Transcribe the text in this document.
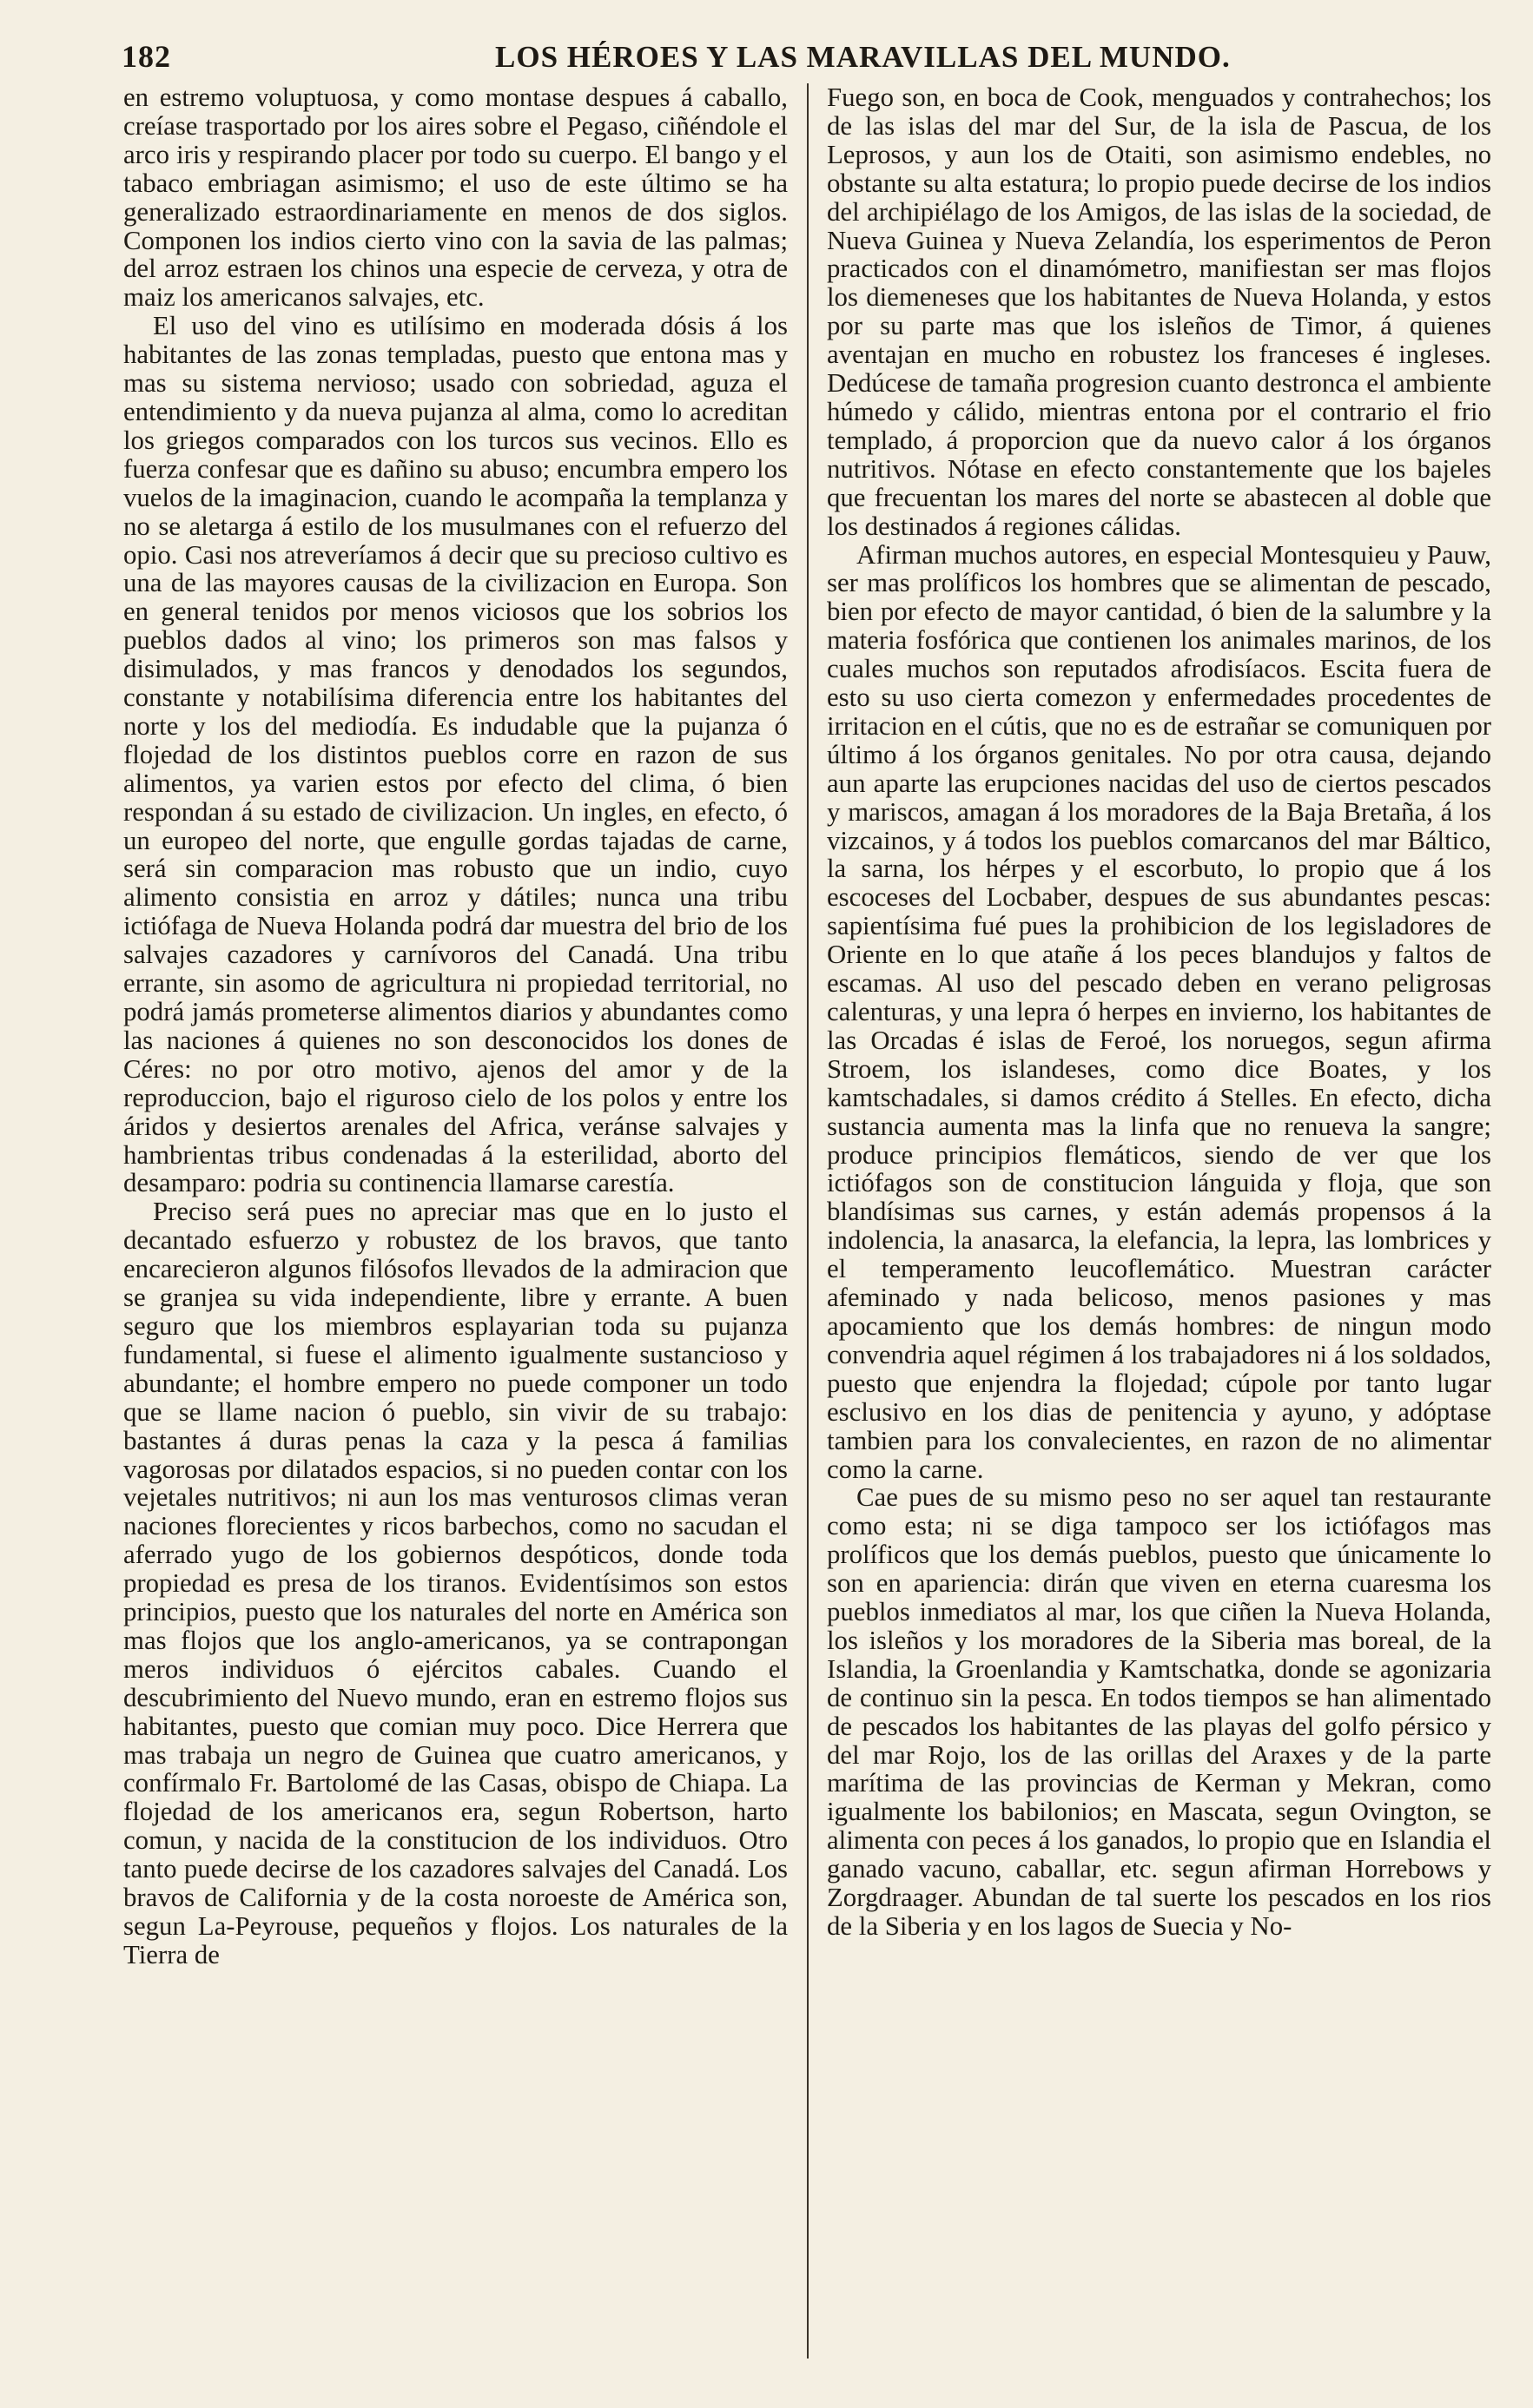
182	LOS HÉROES Y LAS MARAVILLAS DEL MUNDO.

en estremo voluptuosa, y como montase despues á caballo, creíase trasportado por los aires sobre el Pegaso, ciñéndole el arco iris y respirando placer por todo su cuerpo. El bango y el tabaco embriagan asimismo; el uso de este último se ha generalizado estraordinariamente en menos de dos siglos. Componen los indios cierto vino con la savia de las palmas; del arroz estraen los chinos una especie de cerveza, y otra de maiz los americanos salvajes, etc.

El uso del vino es utilísimo en moderada dósis á los habitantes de las zonas templadas, puesto que entona mas y mas su sistema nervioso; usado con sobriedad, aguza el entendimiento y da nueva pujanza al alma, como lo acreditan los griegos comparados con los turcos sus vecinos. Ello es fuerza confesar que es dañino su abuso; encumbra empero los vuelos de la imaginacion, cuando le acompaña la templanza y no se aletarga á estilo de los musulmanes con el refuerzo del opio. Casi nos atreveríamos á decir que su precioso cultivo es una de las mayores causas de la civilizacion en Europa. Son en general tenidos por menos viciosos que los sobrios los pueblos dados al vino; los primeros son mas falsos y disimulados, y mas francos y denodados los segundos, constante y notabilísima diferencia entre los habitantes del norte y los del mediodía. Es indudable que la pujanza ó flojedad de los distintos pueblos corre en razon de sus alimentos, ya varien estos por efecto del clima, ó bien respondan á su estado de civilizacion. Un ingles, en efecto, ó un europeo del norte, que engulle gordas tajadas de carne, será sin comparacion mas robusto que un indio, cuyo alimento consistia en arroz y dátiles; nunca una tribu ictiófaga de Nueva Holanda podrá dar muestra del brio de los salvajes cazadores y carnívoros del Canadá. Una tribu errante, sin asomo de agricultura ni propiedad territorial, no podrá jamás prometerse alimentos diarios y abundantes como las naciones á quienes no son desconocidos los dones de Céres: no por otro motivo, ajenos del amor y de la reproduccion, bajo el riguroso cielo de los polos y entre los áridos y desiertos arenales del Africa, veránse salvajes y hambrientas tribus condenadas á la esterilidad, aborto del desamparo: podria su continencia llamarse carestía.

Preciso será pues no apreciar mas que en lo justo el decantado esfuerzo y robustez de los bravos, que tanto encarecieron algunos filósofos llevados de la admiracion que se granjea su vida independiente, libre y errante. A buen seguro que los miembros esplayarian toda su pujanza fundamental, si fuese el alimento igualmente sustancioso y abundante; el hombre empero no puede componer un todo que se llame nacion ó pueblo, sin vivir de su trabajo: bastantes á duras penas la caza y la pesca á familias vagorosas por dilatados espacios, si no pueden contar con los vejetales nutritivos; ni aun los mas venturosos climas veran naciones florecientes y ricos barbechos, como no sacudan el aferrado yugo de los gobiernos despóticos, donde toda propiedad es presa de los tiranos. Evidentísimos son estos principios, puesto que los naturales del norte en América son mas flojos que los anglo-americanos, ya se contrapongan meros individuos ó ejércitos cabales. Cuando el descubrimiento del Nuevo mundo, eran en estremo flojos sus habitantes, puesto que comian muy poco. Dice Herrera que mas trabaja un negro de Guinea que cuatro americanos, y confírmalo Fr. Bartolomé de las Casas, obispo de Chiapa. La flojedad de los americanos era, segun Robertson, harto comun, y nacida de la constitucion de los individuos. Otro tanto puede decirse de los cazadores salvajes del Canadá. Los bravos de California y de la costa noroeste de América son, segun La-Peyrouse, pequeños y flojos. Los naturales de la Tierra de

Fuego son, en boca de Cook, menguados y contrahechos; los de las islas del mar del Sur, de la isla de Pascua, de los Leprosos, y aun los de Otaiti, son asimismo endebles, no obstante su alta estatura; lo propio puede decirse de los indios del archipiélago de los Amigos, de las islas de la sociedad, de Nueva Guinea y Nueva Zelandía, los esperimentos de Peron practicados con el dinamómetro, manifiestan ser mas flojos los diemeneses que los habitantes de Nueva Holanda, y estos por su parte mas que los isleños de Timor, á quienes aventajan en mucho en robustez los franceses é ingleses. Dedúcese de tamaña progresion cuanto destronca el ambiente húmedo y cálido, mientras entona por el contrario el frio templado, á proporcion que da nuevo calor á los órganos nutritivos. Nótase en efecto constantemente que los bajeles que frecuentan los mares del norte se abastecen al doble que los destinados á regiones cálidas.

Afirman muchos autores, en especial Montesquieu y Pauw, ser mas prolíficos los hombres que se alimentan de pescado, bien por efecto de mayor cantidad, ó bien de la salumbre y la materia fosfórica que contienen los animales marinos, de los cuales muchos son reputados afrodisíacos. Escita fuera de esto su uso cierta comezon y enfermedades procedentes de irritacion en el cútis, que no es de estrañar se comuniquen por último á los órganos genitales. No por otra causa, dejando aun aparte las erupciones nacidas del uso de ciertos pescados y mariscos, amagan á los moradores de la Baja Bretaña, á los vizcainos, y á todos los pueblos comarcanos del mar Báltico, la sarna, los hérpes y el escorbuto, lo propio que á los escoceses del Locbaber, despues de sus abundantes pescas: sapientísima fué pues la prohibicion de los legisladores de Oriente en lo que atañe á los peces blandujos y faltos de escamas. Al uso del pescado deben en verano peligrosas calenturas, y una lepra ó herpes en invierno, los habitantes de las Orcadas é islas de Feroé, los noruegos, segun afirma Stroem, los islandeses, como dice Boates, y los kamtschadales, si damos crédito á Stelles. En efecto, dicha sustancia aumenta mas la linfa que no renueva la sangre; produce principios flemáticos, siendo de ver que los ictiófagos son de constitucion lánguida y floja, que son blandísimas sus carnes, y están además propensos á la indolencia, la anasarca, la elefancia, la lepra, las lombrices y el temperamento leucoflemático. Muestran carácter afeminado y nada belicoso, menos pasiones y mas apocamiento que los demás hombres: de ningun modo convendria aquel régimen á los trabajadores ni á los soldados, puesto que enjendra la flojedad; cúpole por tanto lugar esclusivo en los dias de penitencia y ayuno, y adóptase tambien para los convalecientes, en razon de no alimentar como la carne.

Cae pues de su mismo peso no ser aquel tan restaurante como esta; ni se diga tampoco ser los ictiófagos mas prolíficos que los demás pueblos, puesto que únicamente lo son en apariencia: dirán que viven en eterna cuaresma los pueblos inmediatos al mar, los que ciñen la Nueva Holanda, los isleños y los moradores de la Siberia mas boreal, de la Islandia, la Groenlandia y Kamtschatka, donde se agonizaria de continuo sin la pesca. En todos tiempos se han alimentado de pescados los habitantes de las playas del golfo pérsico y del mar Rojo, los de las orillas del Araxes y de la parte marítima de las provincias de Kerman y Mekran, como igualmente los babilonios; en Mascata, segun Ovington, se alimenta con peces á los ganados, lo propio que en Islandia el ganado vacuno, caballar, etc. segun afirman Horrebows y Zorgdraager. Abundan de tal suerte los pescados en los rios de la Siberia y en los lagos de Suecia y No-
